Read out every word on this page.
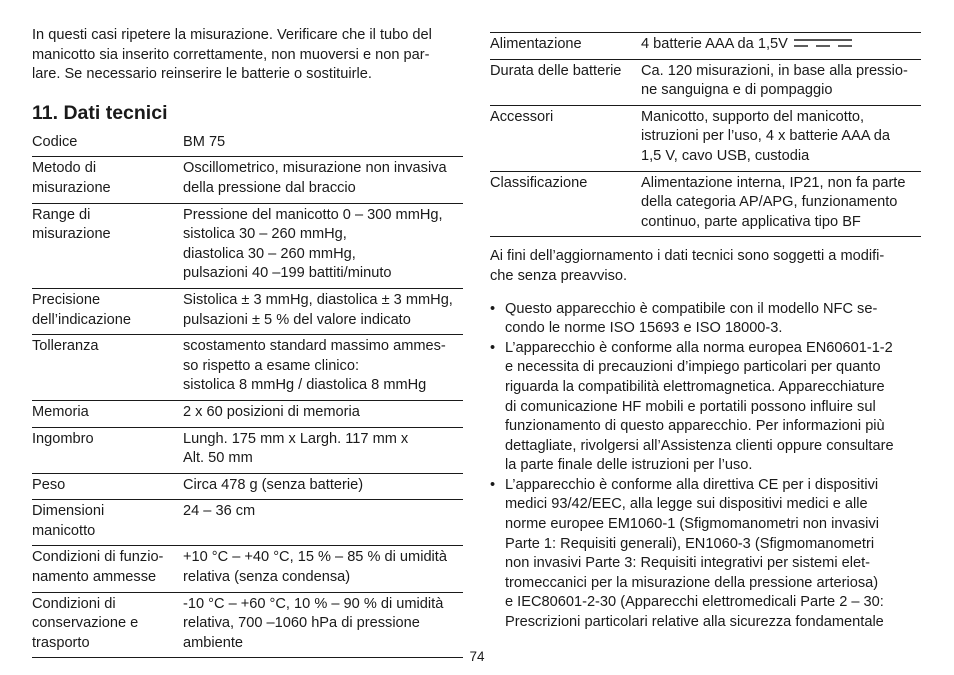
In questi casi ripetere la misurazione. Verificare che il tubo del
manicotto sia inserito correttamente, non muoversi e non par-
lare. Se necessario reinserire le batterie o sostituirle.

11. Dati tecnici
Codice	BM 75

Metodo di
misurazione	Oscillometrico, misurazione non invasiva
della pressione dal braccio

Range di
misurazione	Pressione del manicotto 0 – 300 mmHg,
sistolica 30 – 260 mmHg,
diastolica 30 – 260 mmHg,
pulsazioni 40 –199 battiti/minuto

Precisione
dell’indicazione	Sistolica ± 3 mmHg, diastolica ± 3 mmHg,
pulsazioni ± 5 % del valore indicato

Tolleranza	scostamento standard massimo ammes-
so rispetto a esame clinico:
sistolica 8 mmHg / diastolica 8 mmHg

Memoria	2 x 60 posizioni di memoria

Ingombro	Lungh. 175 mm x Largh. 117 mm x
Alt. 50 mm

Peso	Circa 478 g (senza batterie)

Dimensioni
manicotto	24 – 36 cm

Condizioni di funzio-
namento ammesse	+10 °C – +40 °C, 15 % – 85 % di umidità
relativa (senza condensa)

Condizioni di
conservazione e
trasporto	-10 °C – +60 °C, 10 % – 90 % di umidità
relativa, 700 –1060 hPa di pressione
ambiente
Alimentazione	4 batterie AAA da 1,5V

Durata delle batterie	Ca. 120 misurazioni, in base alla pressio-
ne sanguigna e di pompaggio

Accessori	Manicotto, supporto del manicotto,
istruzioni per l’uso, 4 x batterie AAA da
1,5 V, cavo USB, custodia

Classificazione	Alimentazione interna, IP21, non fa parte
della categoria AP/APG, funzionamento
continuo, parte applicativa tipo BF

Ai fini dell’aggiornamento i dati tecnici sono soggetti a modifi-
che senza preavviso.

• Questo apparecchio è compatibile con il modello NFC se-
condo le norme ISO 15693 e ISO 18000-3.
• L’apparecchio è conforme alla norma europea EN60601-1-2
e necessita di precauzioni d’impiego particolari per quanto
riguarda la compatibilità elettromagnetica. Apparecchiature
di comunicazione HF mobili e portatili possono influire sul
funzionamento di questo apparecchio. Per informazioni più
dettagliate, rivolgersi all’Assistenza clienti oppure consultare
la parte finale delle istruzioni per l’uso.
• L’apparecchio è conforme alla direttiva CE per i dispositivi
medici 93/42/EEC, alla legge sui dispositivi medici e alle
norme europee EM1060-1 (Sfigmomanometri non invasivi
Parte 1: Requisiti generali), EN1060-3 (Sfigmomanometri
non invasivi Parte 3: Requisiti integrativi per sistemi elet-
tromeccanici per la misurazione della pressione arteriosa)
e IEC80601-2-30 (Apparecchi elettromedicali Parte 2 – 30:
Prescrizioni particolari relative alla sicurezza fondamentale
74
